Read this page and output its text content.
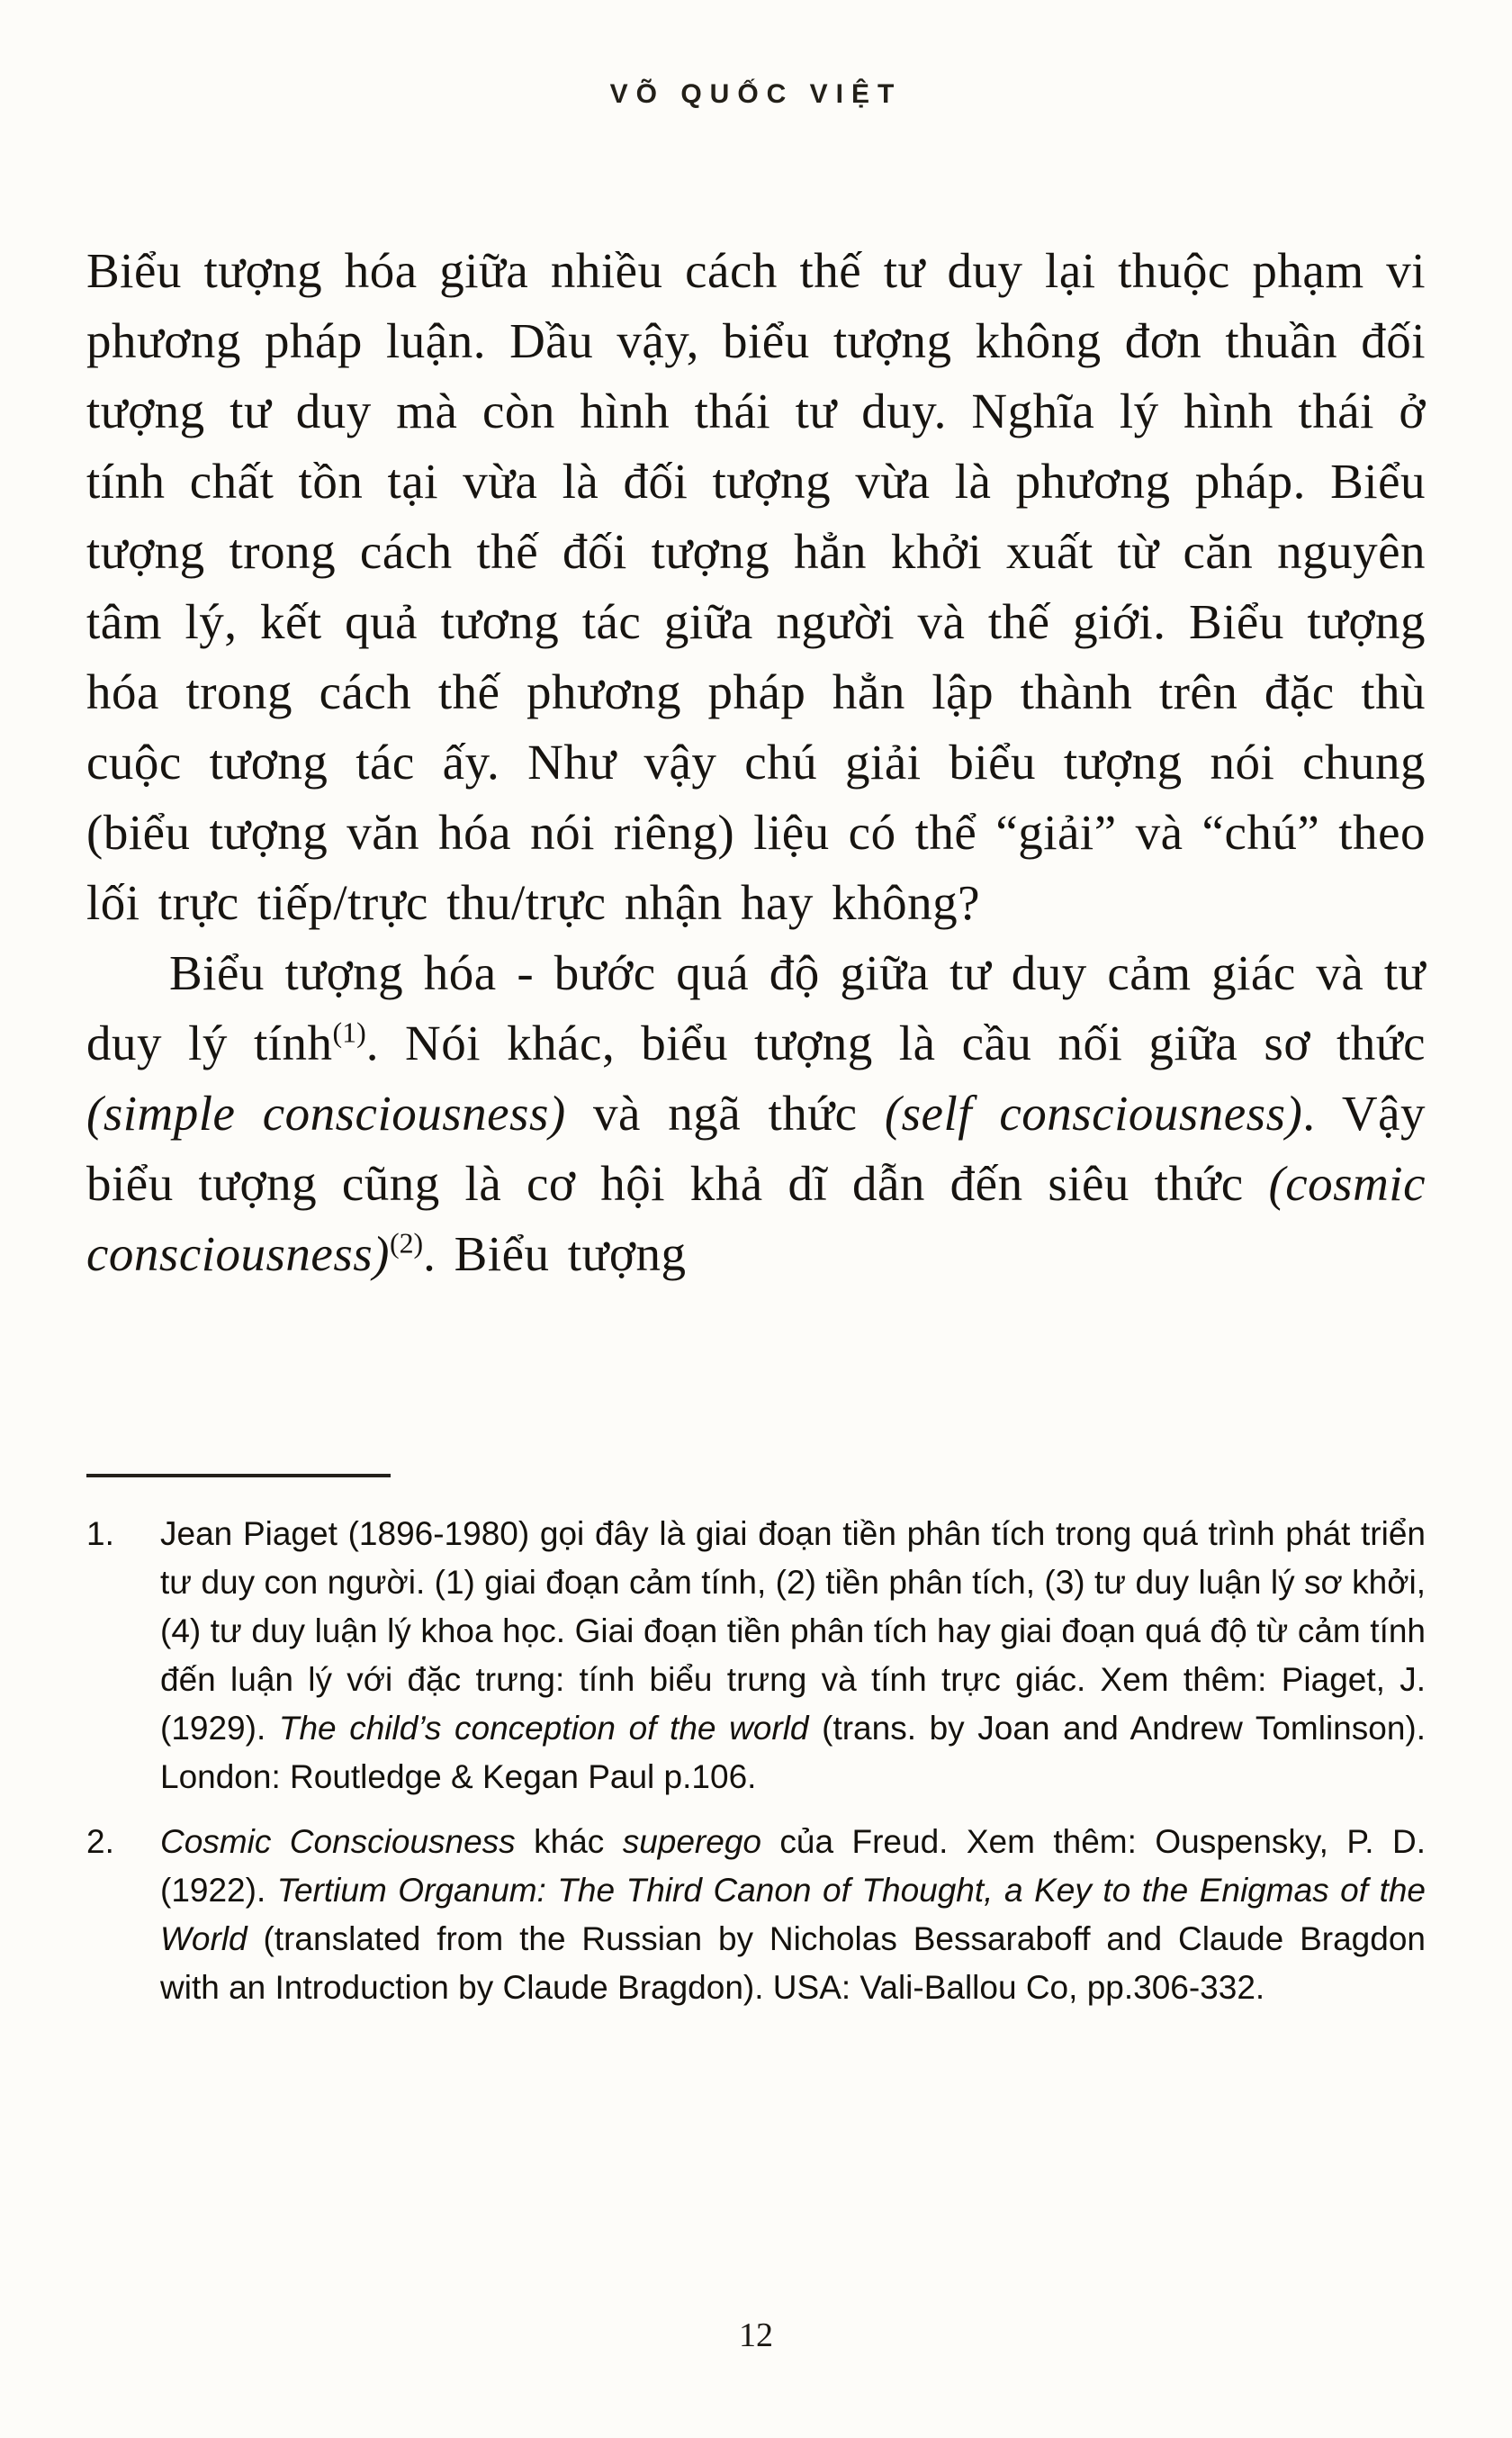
VÕ QUỐC VIỆT

Biểu tượng hóa giữa nhiều cách thế tư duy lại thuộc phạm vi phương pháp luận. Dầu vậy, biểu tượng không đơn thuần đối tượng tư duy mà còn hình thái tư duy. Nghĩa lý hình thái ở tính chất tồn tại vừa là đối tượng vừa là phương pháp. Biểu tượng trong cách thế đối tượng hẳn khởi xuất từ căn nguyên tâm lý, kết quả tương tác giữa người và thế giới. Biểu tượng hóa trong cách thế phương pháp hẳn lập thành trên đặc thù cuộc tương tác ấy. Như vậy chú giải biểu tượng nói chung (biểu tượng văn hóa nói riêng) liệu có thể “giải” và “chú” theo lối trực tiếp/trực thu/trực nhận hay không?

Biểu tượng hóa - bước quá độ giữa tư duy cảm giác và tư duy lý tính$^{(1)}$. Nói khác, biểu tượng là cầu nối giữa sơ thức (simple consciousness) và ngã thức (self consciousness). Vậy biểu tượng cũng là cơ hội khả dĩ dẫn đến siêu thức (cosmic consciousness)$^{(2)}$. Biểu tượng

1.	Jean Piaget (1896-1980) gọi đây là giai đoạn tiền phân tích trong quá trình phát triển tư duy con người. (1) giai đoạn cảm tính, (2) tiền phân tích, (3) tư duy luận lý sơ khởi, (4) tư duy luận lý khoa học. Giai đoạn tiền phân tích hay giai đoạn quá độ từ cảm tính đến luận lý với đặc trưng: tính biểu trưng và tính trực giác. Xem thêm: Piaget, J. (1929). The child’s conception of the world (trans. by Joan and Andrew Tomlinson). London: Routledge & Kegan Paul p.106.
2.	Cosmic Consciousness khác superego của Freud. Xem thêm: Ouspensky, P. D. (1922). Tertium Organum: The Third Canon of Thought, a Key to the Enigmas of the World (translated from the Russian by Nicholas Bessaraboff and Claude Bragdon with an Introduction by Claude Bragdon). USA: Vali-Ballou Co, pp.306-332.
12
